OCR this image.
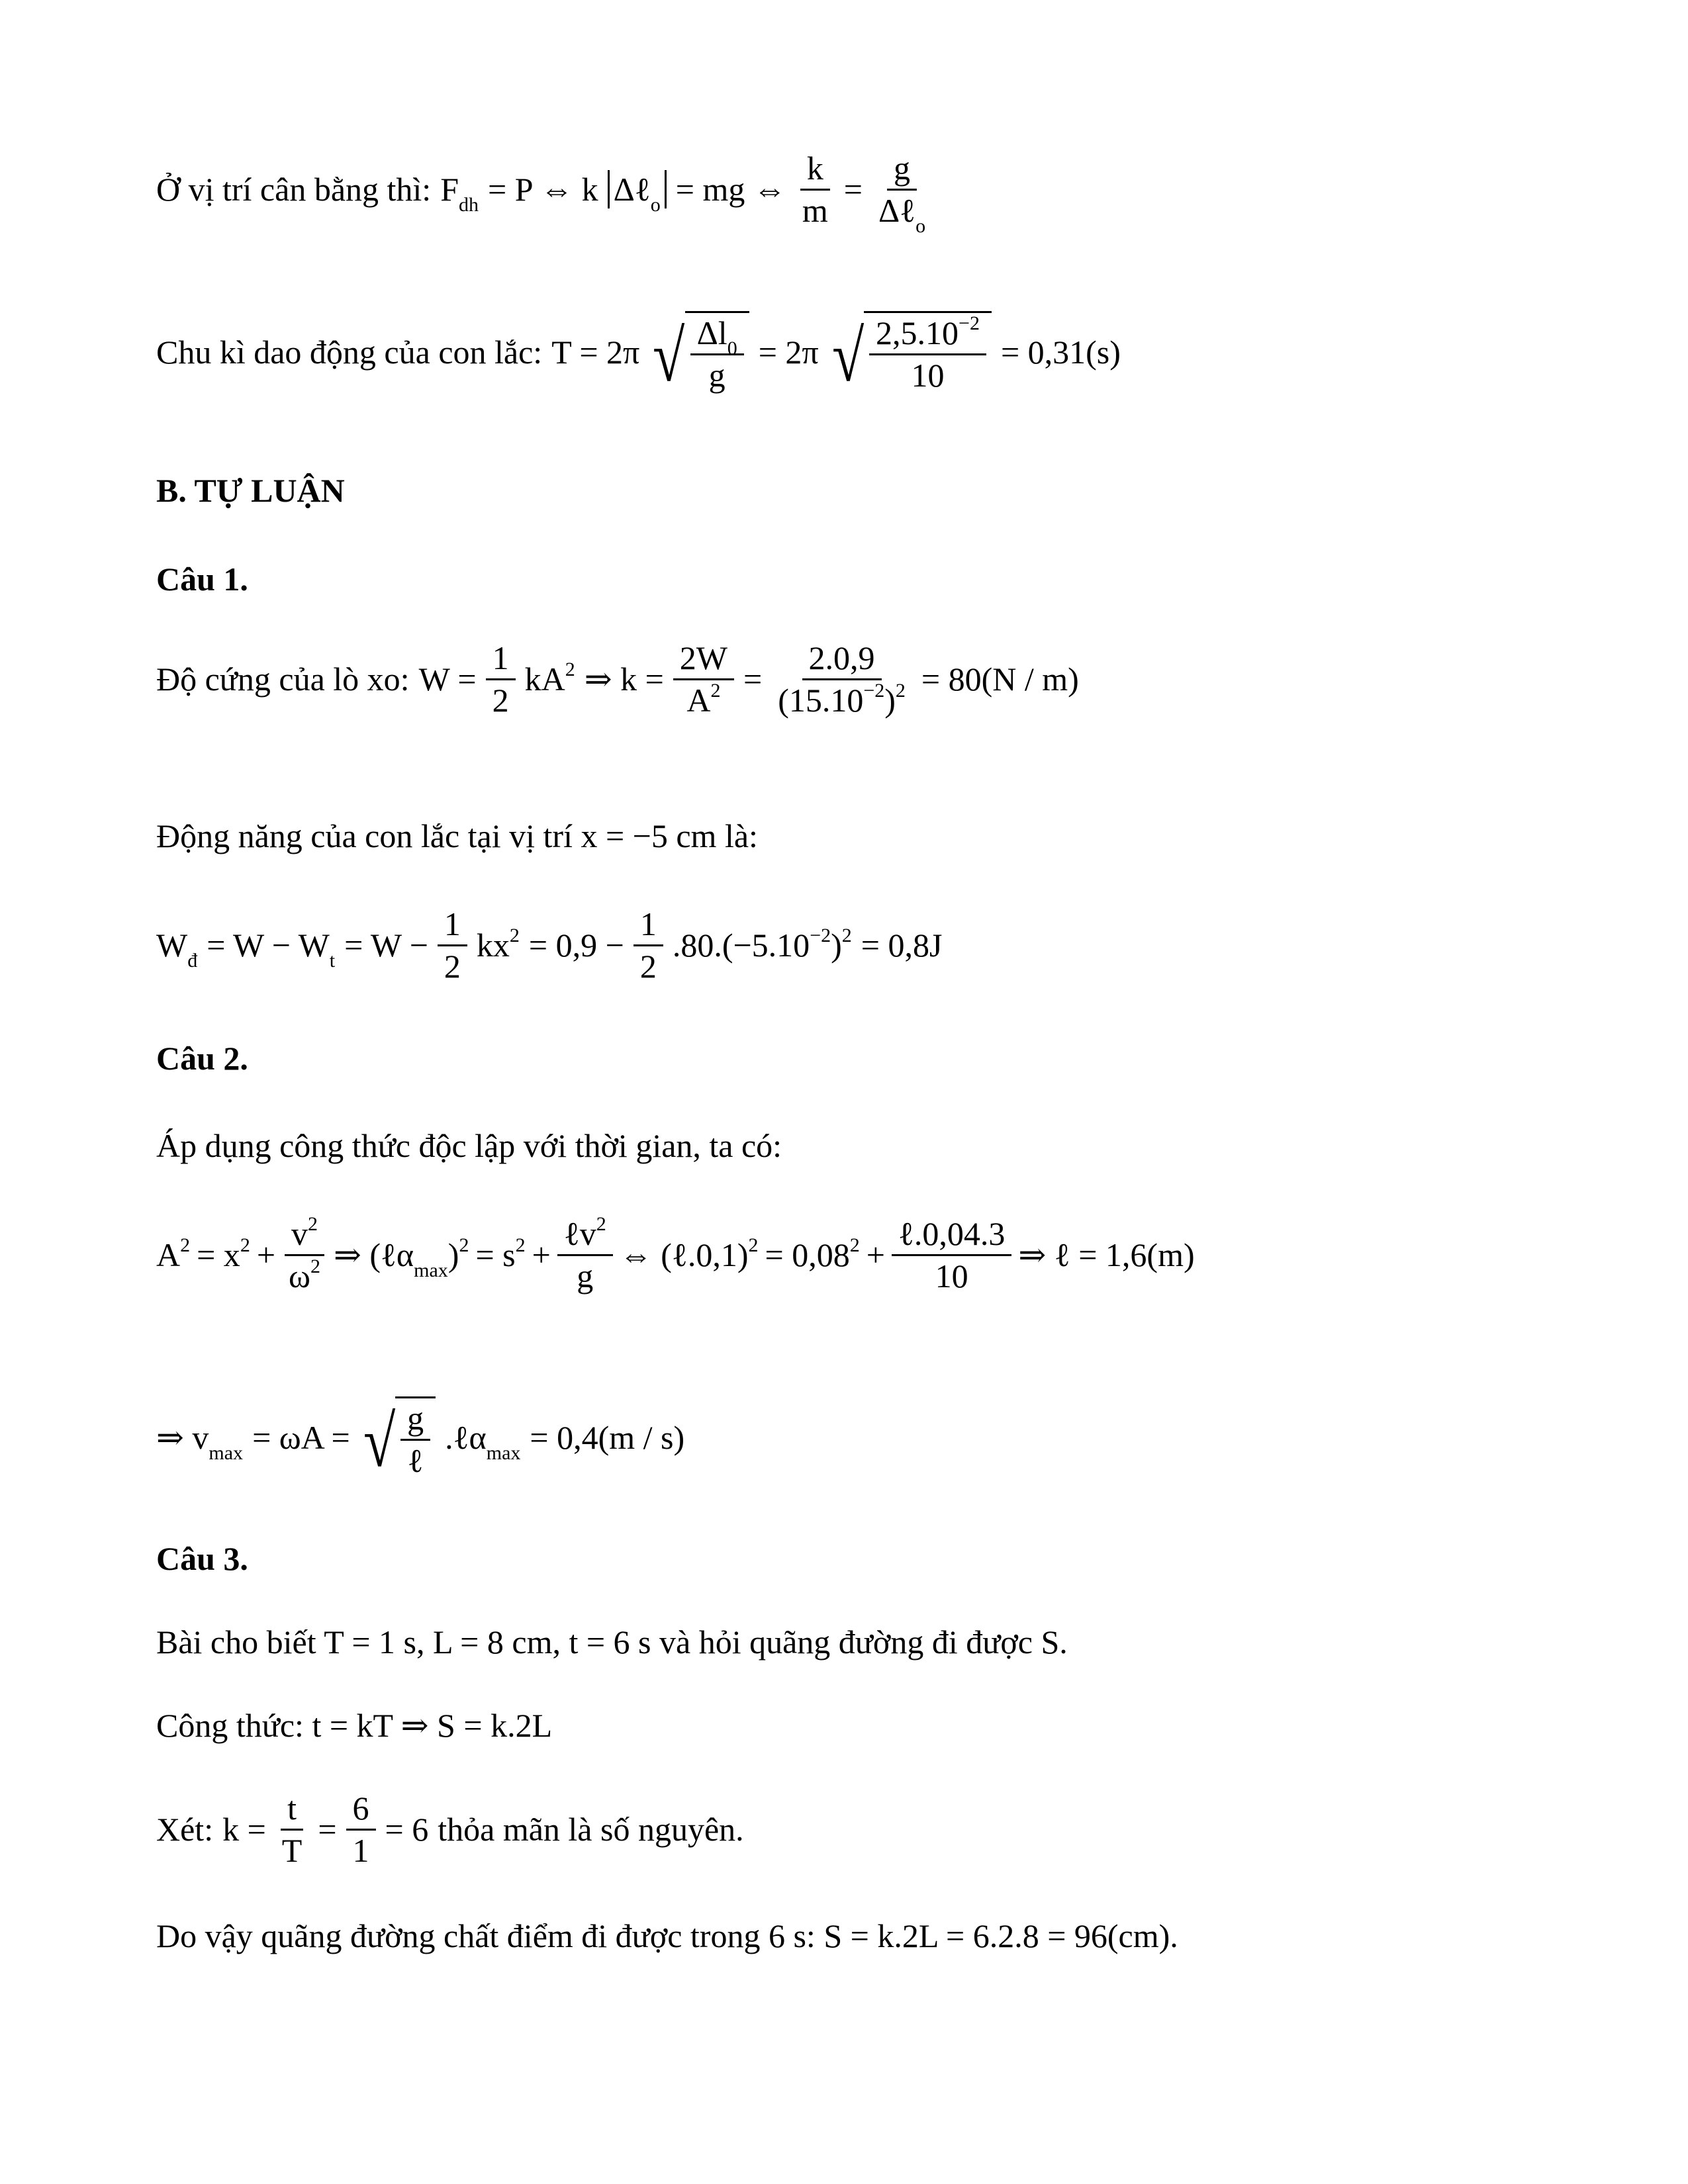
Ở vị trí cân bằng thì: $F_{dh} = P$ ⇔ k Δℓ$_o$ = mg ⇔ $\frac{k}{m} = \frac{g}{\Delta\ell_o}$
Chu kì dao động của con lắc: T = 2π √ $\frac{\Delta l_0}{g} = 2\pi$ √ $\frac{2,5.10^{-2}}{10} = 0,31(s)$
B. TỰ LUẬN
Câu 1.
Độ cứng của lò xo: $W = \frac{1}{2} kA^2$ ⇒ $k = \frac{2W}{A^2} = \frac{2.0,9}{(15.10^{-2})^2} = 80(N / m)$
Động năng của con lắc tại vị trí x = −5 cm là:
$W_đ = W - W_t = W - \frac{1}{2} kx^2 = 0,9 - \frac{1}{2} .80.(-5.10^{-2})^2 = 0,8J$
Câu 2.
Áp dụng công thức độc lập với thời gian, ta có:
$A^2 = x^2 + \frac{v^2}{\omega^2}$ ⇒ (ℓα$_{max}$)$^2$ = $s^2 + \frac{\ell v^2}{g}$ ⇔ (ℓ.0,1)$^2$ = $0,08^2 + \frac{\text{ℓ.0,04.3}}{10}$ ⇒ ℓ = 1,6(m)
⇒ $v_{max} = \omega A$ = √ $\frac{g}{\text{ℓ}}$ .ℓα$_{max}$ = 0,4(m / s)
Câu 3.
Bài cho biết T = 1 s, L = 8 cm, t = 6 s và hỏi quãng đường đi được S.
Công thức: t = kT ⇒ S = k.2L
Xét: $k = \frac{t}{T} = \frac{6}{1} = 6$ thỏa mãn là số nguyên.
Do vậy quãng đường chất điểm đi được trong 6 s: S = k.2L = 6.2.8 = 96(cm).
